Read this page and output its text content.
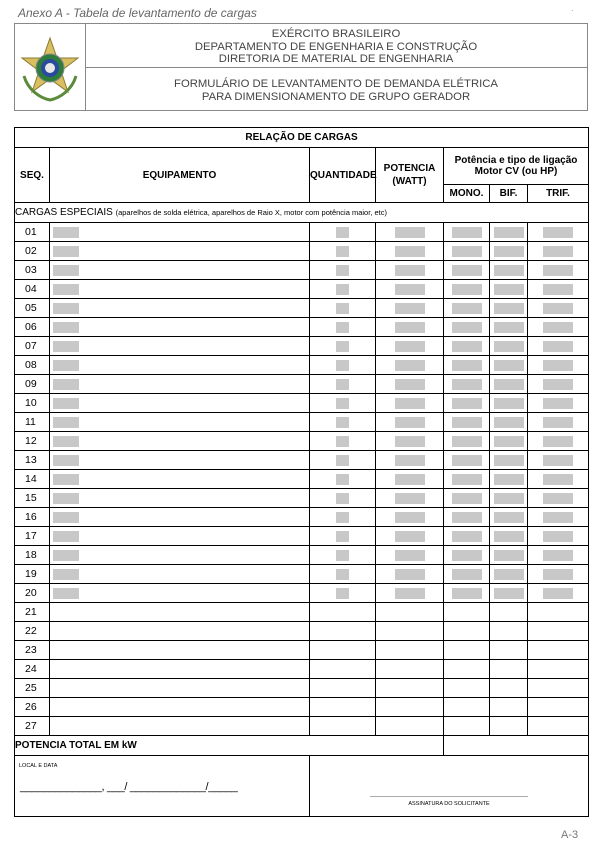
Anexo A - Tabela de levantamento de cargas	.
EXÉRCITO BRASILEIRO
DEPARTAMENTO DE ENGENHARIA E CONSTRUÇÃO
DIRETORIA DE MATERIAL DE ENGENHARIA
FORMULÁRIO DE LEVANTAMENTO DE DEMANDA ELÉTRICA
PARA DIMENSIONAMENTO DE GRUPO GERADOR
RELAÇÃO DE CARGAS						
SEQ.	EQUIPAMENTO	QUANTIDADE	POTENCIA (WATT)	Potência e tipo de ligação Motor CV (ou HP)		
				MONO.	BIF.	TRIF.
CARGAS ESPECIAIS (aparelhos de solda elétrica, aparelhos de Raio X, motor com potência maior, etc)						
01	

02	

03	

04	

05	

06	

07	

08	

09	

10	

11	

12	

13	

14	

15	

16	

17	

18	

19	

20	

21						
22						
23						
24						
25						
26						
27						
POTENCIA TOTAL EM kW						

LOCAL E DATA
______________, ___/ _____________/_____		ASSINATURA DO SOLICITANTE				
A-3
